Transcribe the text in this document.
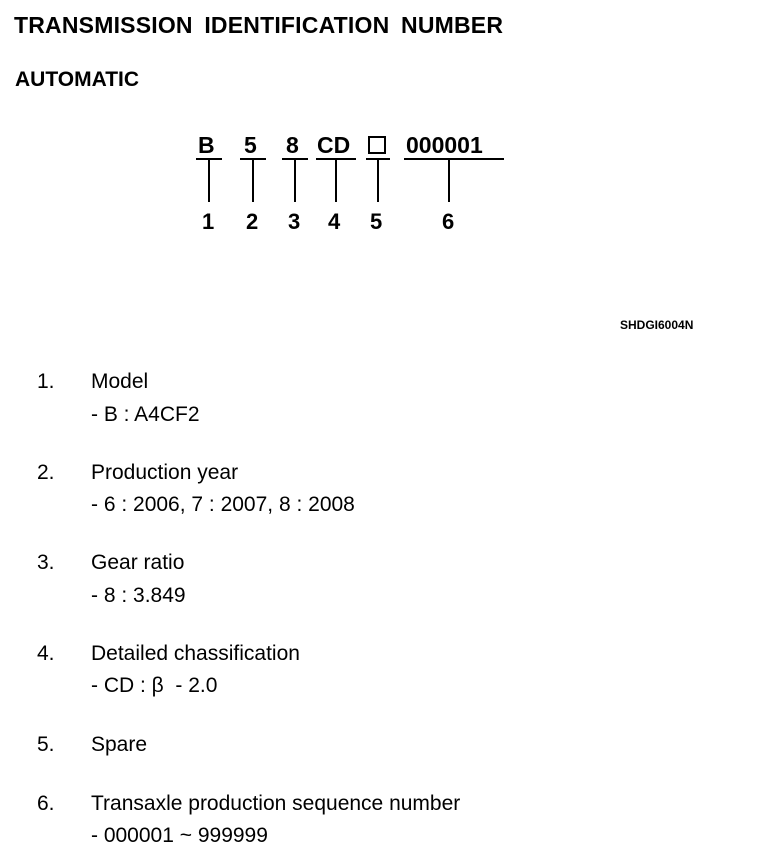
TRANSMISSION IDENTIFICATION NUMBER
AUTOMATIC
B 5 8 CD 000001
1 2 3 4 5	6
SHDGI6004N
1. Model
- B : A4CF2
2. Production year
- 6 : 2006, 7 : 2007, 8 : 2008
3. Gear ratio
- 8 : 3.849
4. Detailed chassification
- CD : β  - 2.0
5. Spare
6. Transaxle production sequence number
- 000001 ~ 999999
